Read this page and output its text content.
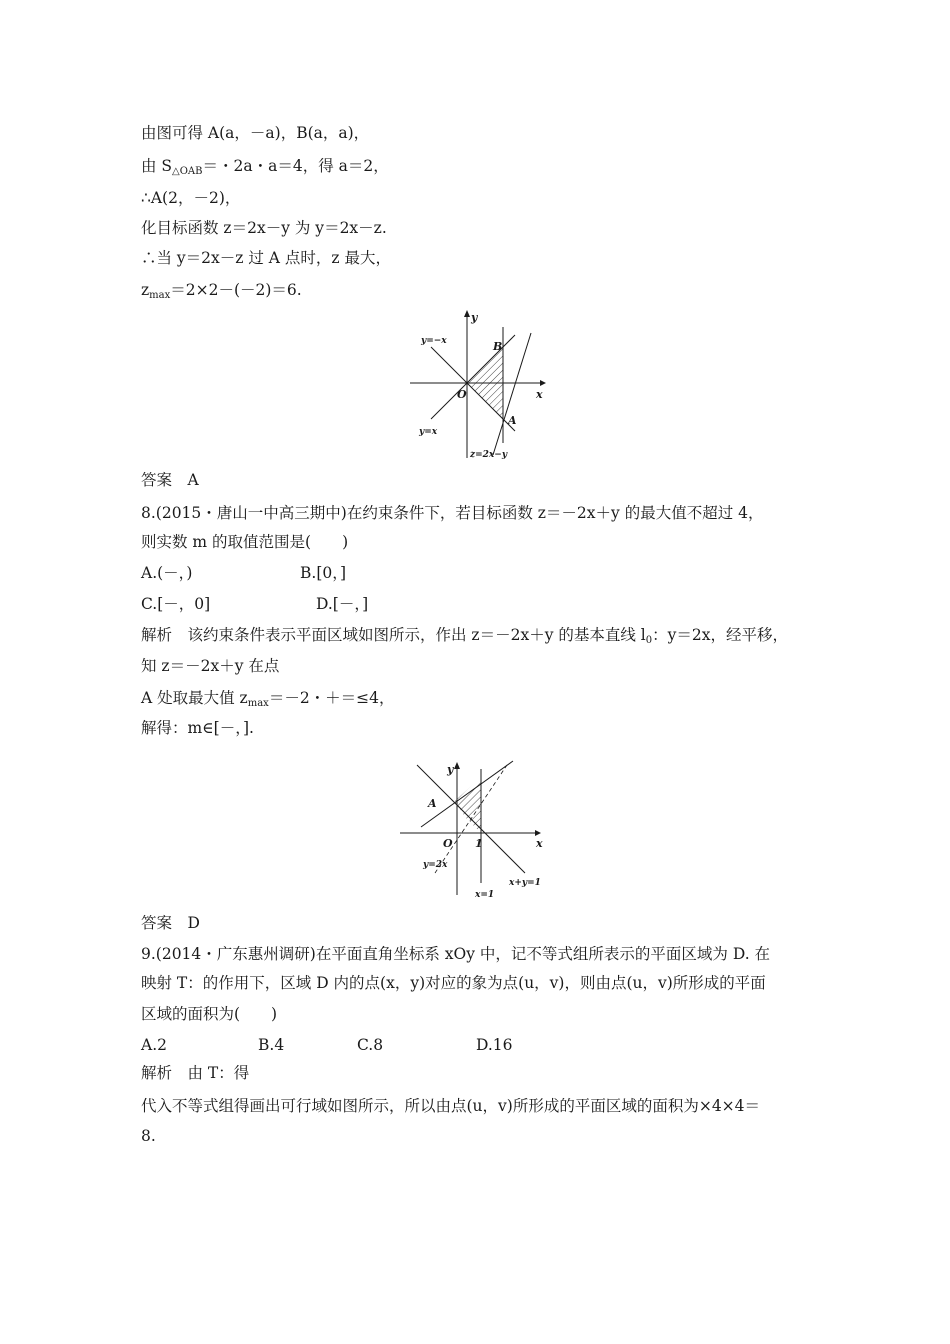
由图可得 A(a，－a)，B(a，a)，
由 $S_{\triangle OAB}=$・2a・a＝4，得 a＝2，
∴A(2，－2)，
化目标函数 z＝2x－y 为 y＝2x－z.
∴当 y＝2x－z 过 A 点时，z 最大，
$z_{max}=2\times 2-(-2)=6$.
y
x
O
B
A
y=−x
y=x
z=2x−y
答案　A
8.(2015・唐山一中高三期中)在约束条件下，若目标函数 z＝－2x＋y 的最大值不超过 4，
则实数 m 的取值范围是(　　)
A.(－，)	B.[0，]
C.[－，0]	D.[－，]
解析　该约束条件表示平面区域如图所示，作出 z＝－2x＋y 的基本直线 $l_0$：y＝2x，经平移，
知 z＝－2x＋y 在点
A 处取最大值 $z_{max}=-2$・＋＝≤4，
解得：m∈[－，].
y
x
O 1
A
y=2x
x=1
x+y=1
答案　D
9.(2014・广东惠州调研)在平面直角坐标系 xOy 中，记不等式组所表示的平面区域为 D. 在
映射 T：的作用下，区域 D 内的点(x，y)对应的象为点(u，v)，则由点(u，v)所形成的平面
区域的面积为(　　)
A.2	B.4	C.8	D.16
解析　由 T：得
代入不等式组得画出可行域如图所示，所以由点(u，v)所形成的平面区域的面积为×4×4＝
8.
